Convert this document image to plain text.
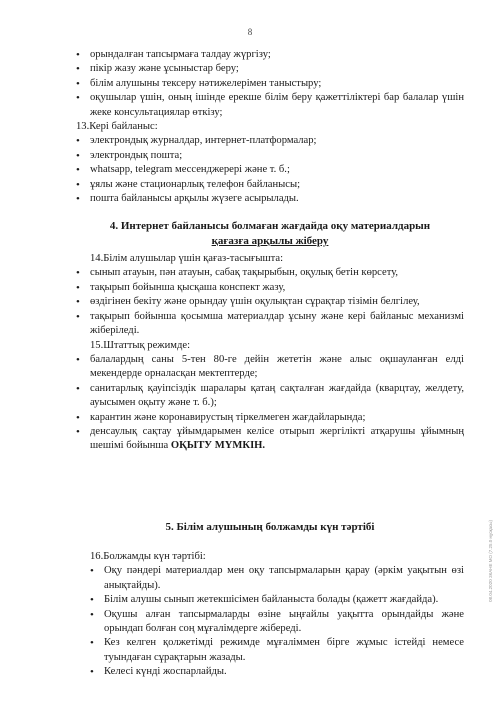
8
• орындалған тапсырмаға талдау жүргізу;
• пікір жазу және ұсыныстар беру;
• білім алушыны тексеру нәтижелерімен таныстыру;
• оқушылар үшін, оның ішінде ерекше білім беру қажеттіліктері бар балалар үшін жеке консультациялар өткізу;

13.Кері байланыс:

• электрондық журналдар, интернет-платформалар;
• электрондық пошта;
• whatsapp, telegram мессенджерері және т. б.;
• ұялы және стационарлық телефон байланысы;
• пошта байланысы арқылы жүзеге асырылады.
4. Интернет байланысы болмаған жағдайда оқу материалдарын
қағазға арқылы жіберу

14.Білім алушылар үшін қағаз-тасығышта:

• сынып атауын, пән атауын, сабақ тақырыбын, оқулық бетін көрсету,
• тақырып бойынша қысқаша конспект жазу,
• өздігінен бекіту және орындау үшін оқулықтан сұрақтар тізімін белгілеу,
• тақырып бойынша қосымша материалдар ұсыну және кері байланыс механизмі жіберіледі.

15.Штаттық режимде:

• балалардың саны 5-тен 80-ге дейін жететін және алыс оқшауланған елді мекендерде орналасқан мектептерде;
• санитарлық қауіпсіздік шаралары қатаң сақталған жағдайда (кварцтау, желдету, ауысымен оқыту және т. б.);
• карантин және коронавирустың тіркелмеген жағдайларында;
• денсаулық сақтау ұйымдарымен келісе отырып жергілікті атқарушы ұйымның шешімі бойынша ОҚЫТУ МҮМКІН.
5. Білім алушының болжамды күн тәртібі

16.Болжамды күн тәртібі:

• Оқу пәндері материалдар мен оқу тапсырмаларын қарау (әркім уақытын өзі анықтайды).
• Білім алушы сынып жетекшісімен байланыста болады (қажетт жағдайда).
• Оқушы алған тапсырмаларды өзіне ыңғайлы уақытта орындайды және орындап болған соң мұғалімдерге жібереді.
• Кез келген қолжетімді режимде мұғаліммен бірге жұмыс істейді немесе туындаған сұрақтарын жазады.
• Келесі күнді жоспарлайды.
08.04.2020 ЗКАНЕ МО (7.25.0 нұсқасы)
